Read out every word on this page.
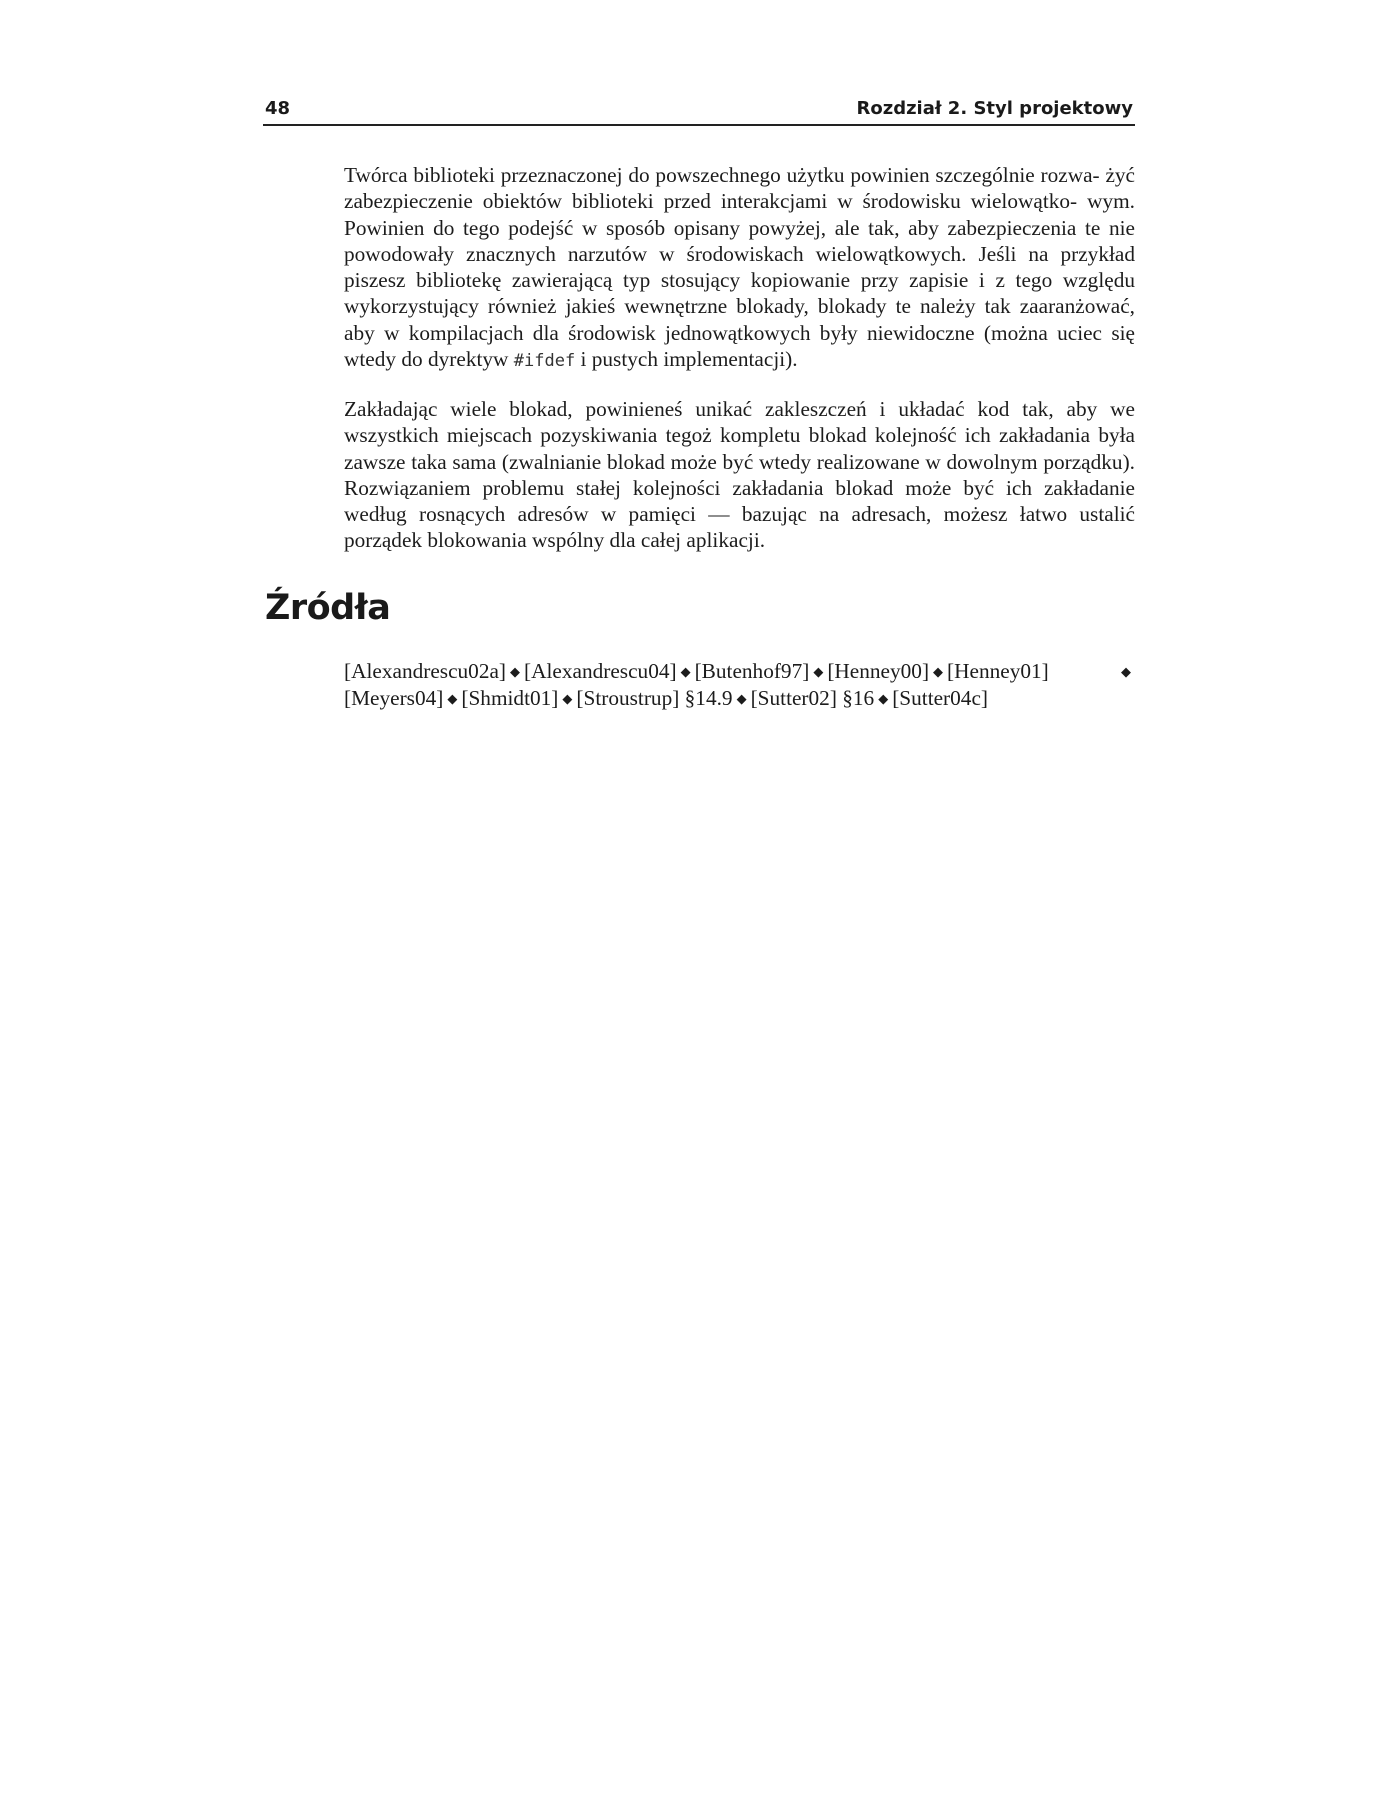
48	Rozdział 2. Styl projektowy

Twórca biblioteki przeznaczonej do powszechnego użytku powinien szczególnie rozwa- żyć zabezpieczenie obiektów biblioteki przed interakcjami w środowisku wielowątko- wym. Powinien do tego podejść w sposób opisany powyżej, ale tak, aby zabezpieczenia te nie powodowały znacznych narzutów w środowiskach wielowątkowych. Jeśli na przykład piszesz bibliotekę zawierającą typ stosujący kopiowanie przy zapisie i z tego względu wykorzystujący również jakieś wewnętrzne blokady, blokady te należy tak zaaranżować, aby w kompilacjach dla środowisk jednowątkowych były niewidoczne (można uciec się wtedy do dyrektyw #ifdef i pustych implementacji).

Zakładając wiele blokad, powinieneś unikać zakleszczeń i układać kod tak, aby we wszystkich miejscach pozyskiwania tegoż kompletu blokad kolejność ich zakładania była zawsze taka sama (zwalnianie blokad może być wtedy realizowane w dowolnym porządku). Rozwiązaniem problemu stałej kolejności zakładania blokad może być ich zakładanie według rosnących adresów w pamięci — bazując na adresach, możesz łatwo ustalić porządek blokowania wspólny dla całej aplikacji.

Źródła

[Alexandrescu02a] ◆ [Alexandrescu04] ◆ [Butenhof97] ◆ [Henney00] ◆ [Henney01]	◆[Meyers04] ◆ [Shmidt01] ◆ [Stroustrup] §14.9 ◆ [Sutter02] §16 ◆ [Sutter04c]
